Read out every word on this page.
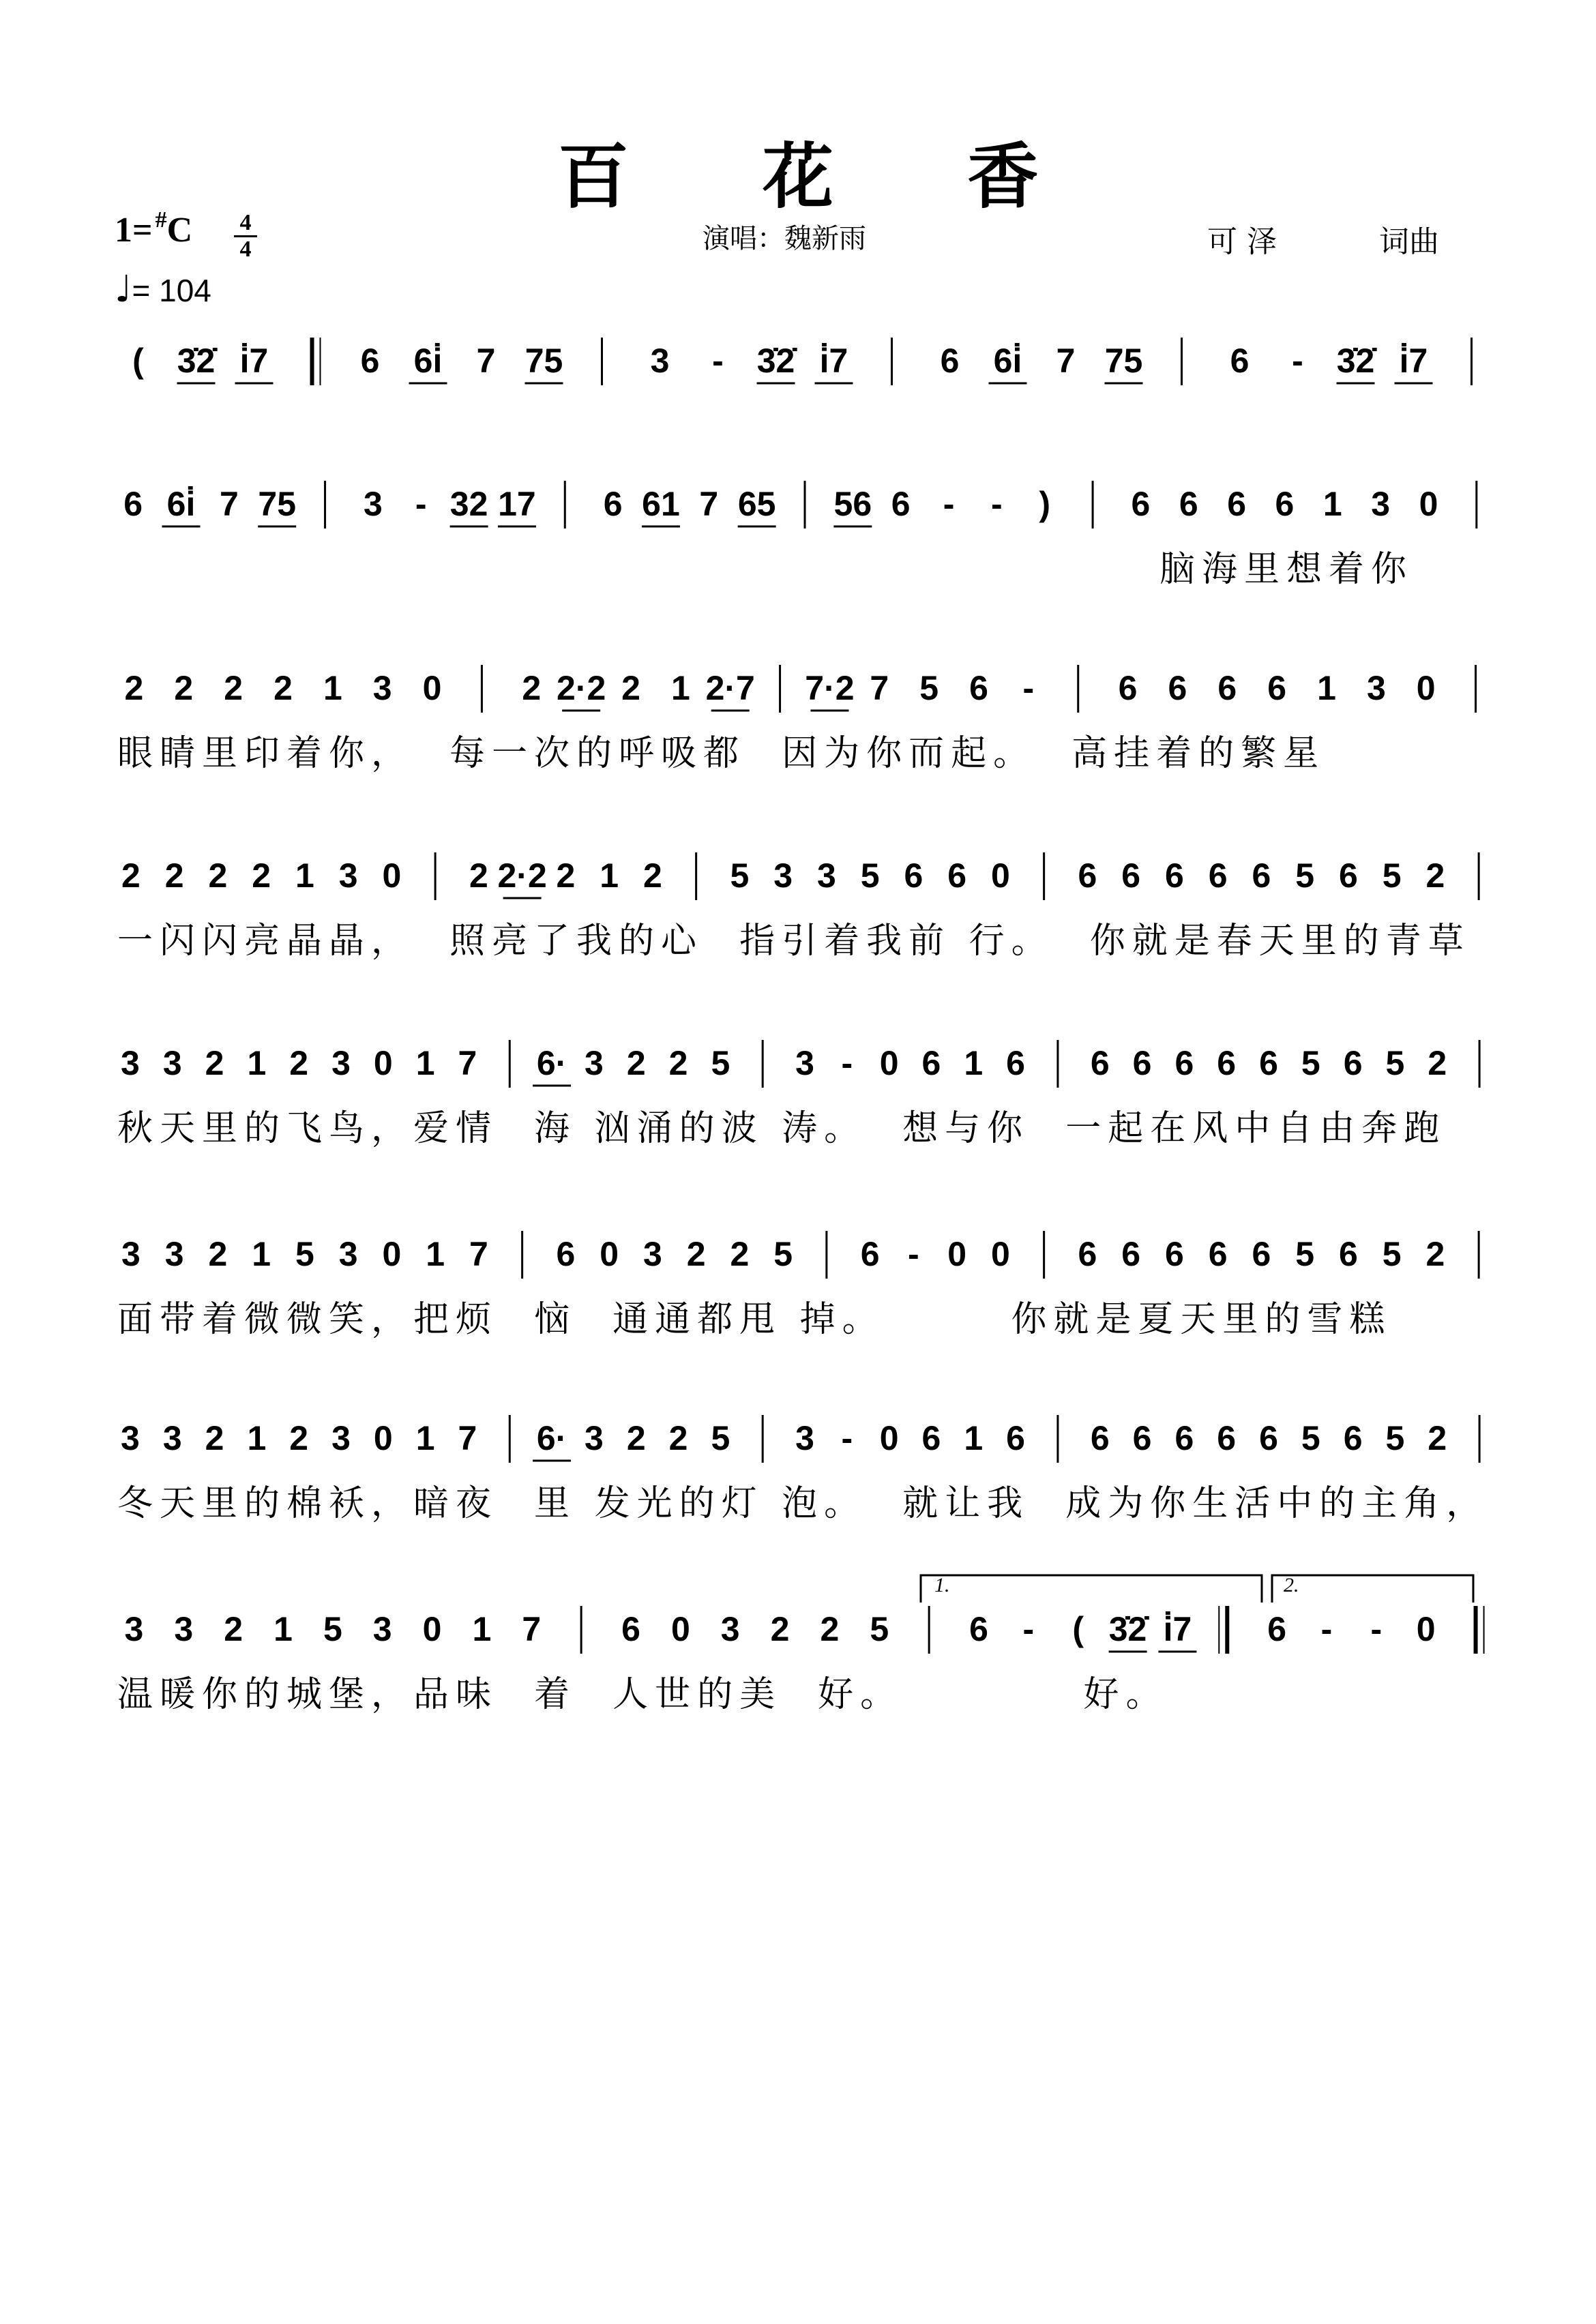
百 花 香
1= #C	4
4
♩= 104
演唱：魏新雨	可 泽	词曲
( 3̇2̇ i̇7	6 6i̇ 7 75	3 - 3̇2̇ i̇7	6 6i̇ 7 75	6 - 3̇2̇ i̇7
6 6i̇ 7 75 3 - 32 17 6 61 7 65 56 6 - - ) 6 6 6 6 1 3 0
脑海里想着你
2 2 2 2 1 3 0 2 2·2 2 1 2·7 7·2 7 5 6 - 6 6 6 6 1 3 0
眼睛里印着你，  每一次的呼吸都  因为你而起。  高挂着的繁星
2 2 2 2 1 3 0 2 2·2 2 1 2 5 3 3 5 6 6 0 6 6 6 6 6 5 6 5 2
一闪闪亮晶晶，  照亮了我的心  指引着我前 行。  你就是春天里的青草
3 3 2 1 2 3 0 1 7 6· 3 2 2 5 3 - 0 6 1 6 6 6 6 6 6 5 6 5 2
秋天里的飞鸟，爱情  海 汹涌的波 涛。  想与你  一起在风中自由奔跑
3 3 2 1 5 3 0 1 7 6 0 3 2 2 5 6 - 0 0 6 6 6 6 6 5 6 5 2
面带着微微笑，把烦  恼  通通都甩 掉。       你就是夏天里的雪糕
3 3 2 1 2 3 0 1 7 6· 3 2 2 5 3 - 0 6 1 6 6 6 6 6 6 5 6 5 2
冬天里的棉袄，暗夜  里 发光的灯 泡。  就让我  成为你生活中的主角，
3 3 2 1 5 3 0 1 7 6 0 3 2 2 5 6 - ( 3̇2̇ i̇7 6 - - 0
温暖你的城堡，品味  着  人世的美  好。          好。
1.	2.
